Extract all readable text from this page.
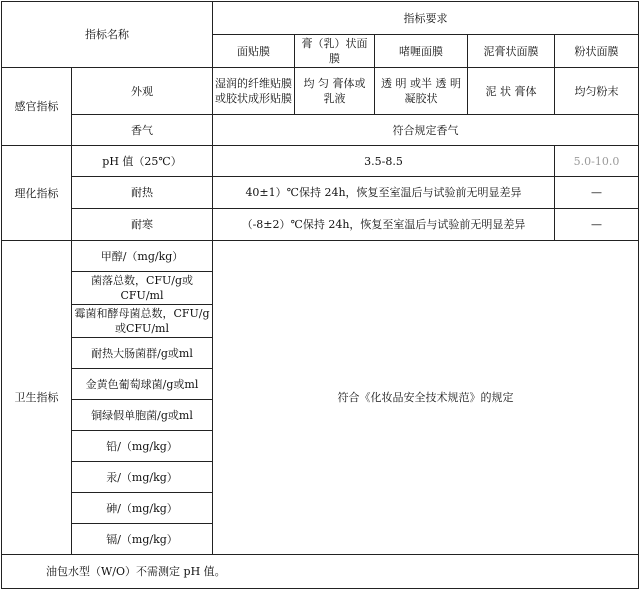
指标名称		指标要求				
		面贴膜	膏（乳）状面膜	啫喱面膜	泥膏状面膜	粉状面膜
感官指标	外观	湿润的纤维贴膜或胶状成形贴膜	均 匀 膏体或 乳液	透 明 或半 透 明凝胶状	泥 状 膏体	均匀粉末
	香气	符合规定香气				
理化指标	pH 值（25℃）	3.5-8.5				5.0-10.0
	耐热	40±1）℃保持 24h，恢复至室温后与试验前无明显差异				—
	耐寒	（-8±2）℃保持 24h，恢复至室温后与试验前无明显差异				—
卫生指标	甲醇/（mg/kg）	符合《化妆品安全技术规范》的规定				
	菌落总数，CFU/g或CFU/ml					
	霉菌和酵母菌总数，CFU/g或CFU/ml					
	耐热大肠菌群/g或ml					
	金黄色葡萄球菌/g或ml					
	铜绿假单胞菌/g或ml					
	铅/（mg/kg）					
	汞/（mg/kg）					
	砷/（mg/kg）					
	镉/（mg/kg）					
油包水型（W/O）不需测定 pH 值。						
